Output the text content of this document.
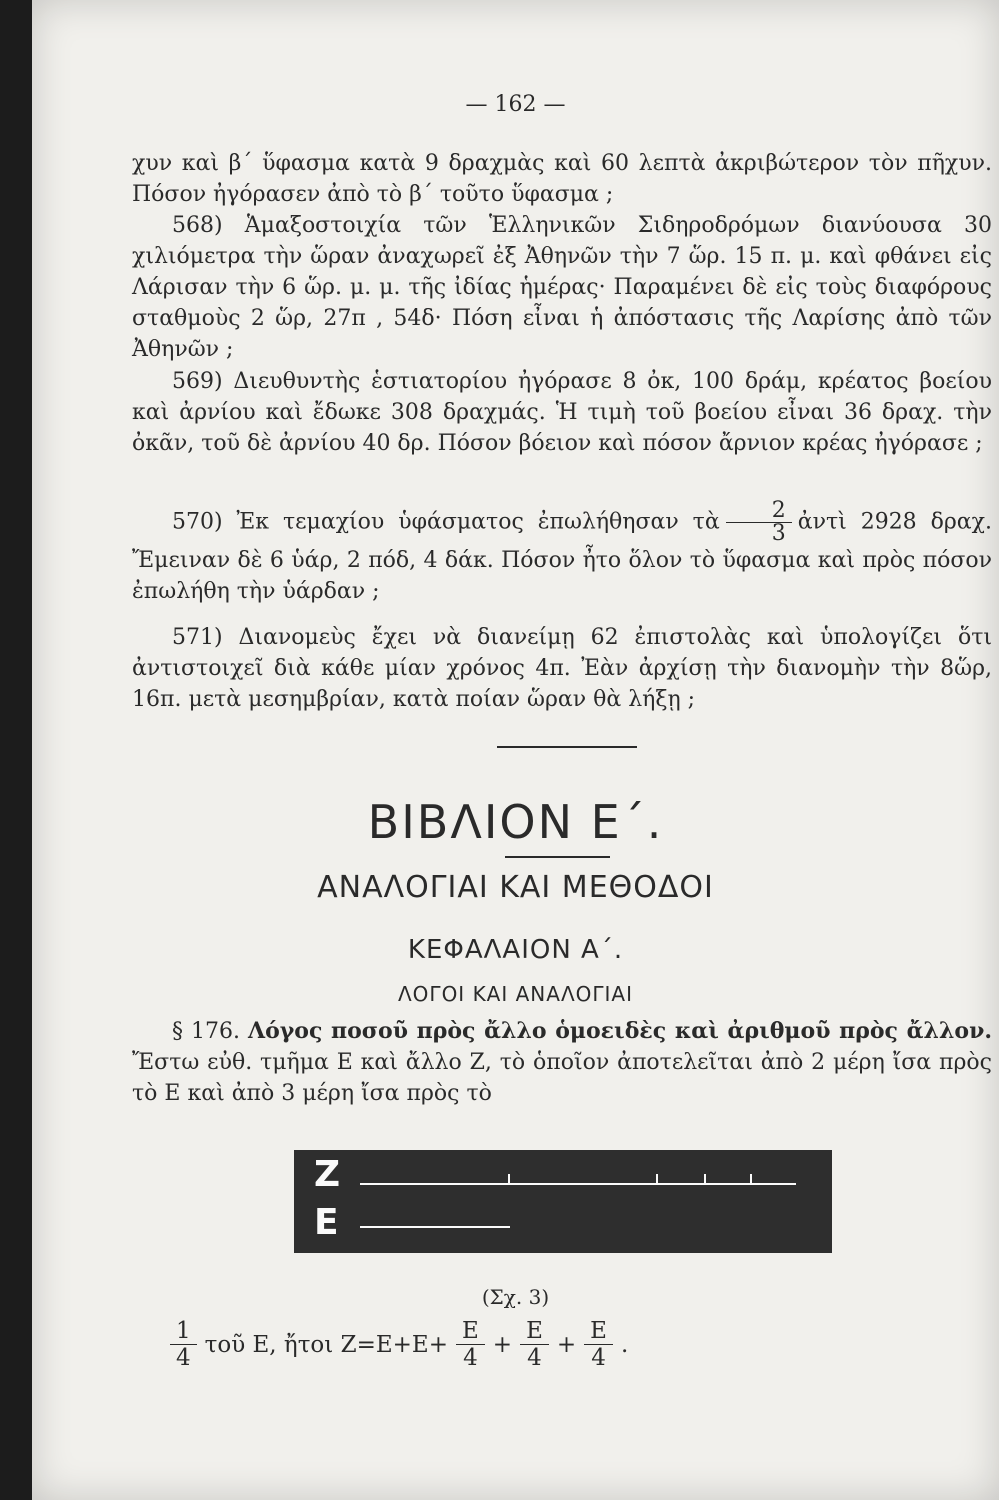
— 162 —
χυν καὶ β΄ ὕφασμα κατὰ 9 δραχμὰς καὶ 60 λεπτὰ ἀκριβώτερον τὸν πῆχυν. Πόσον ἠγόρασεν ἀπὸ τὸ β΄ τοῦτο ὕφασμα ;
568) Ἁμαξοστοιχία τῶν Ἑλληνικῶν Σιδηροδρόμων διανύουσα 30 χιλιόμετρα τὴν ὥραν ἀναχωρεῖ ἐξ Ἀθηνῶν τὴν 7 ὥρ. 15 π. μ. καὶ φθάνει εἰς Λάρισαν τὴν 6 ὥρ. μ. μ. τῆς ἰδίας ἡμέρας· Παραμένει δὲ εἰς τοὺς διαφόρους σταθμοὺς 2 ὥρ, 27π , 54δ· Πόση εἶναι ἡ ἀπόστασις τῆς Λαρίσης ἀπὸ τῶν Ἀθηνῶν ;
569) Διευθυντὴς ἑστιατορίου ἠγόρασε 8 ὀκ, 100 δράμ, κρέατος βοείου καὶ ἀρνίου καὶ ἔδωκε 308 δραχμάς. Ἡ τιμὴ τοῦ βοείου εἶναι 36 δραχ. τὴν ὀκᾶν, τοῦ δὲ ἀρνίου 40 δρ. Πόσον βόειον καὶ πόσον ἄρνιον κρέας ἠγόρασε ;
570) Ἐκ τεμαχίου ὑφάσματος ἐπωλήθησαν τὰ $\frac{2}{3}$ ἀντὶ 2928 δραχ. Ἔμειναν δὲ 6 ὑάρ, 2 πόδ, 4 δάκ. Πόσον ἦτο ὅλον τὸ ὕφασμα καὶ πρὸς πόσον ἐπωλήθη τὴν ὑάρδαν ;
571) Διανομεὺς ἔχει νὰ διανείμῃ 62 ἐπιστολὰς καὶ ὑπολογίζει ὅτι ἀντιστοιχεῖ διὰ κάθε μίαν χρόνος 4π. Ἐὰν ἀρχίσῃ τὴν διανομὴν τὴν 8ὥρ, 16π. μετὰ μεσημβρίαν, κατὰ ποίαν ὥραν θὰ λήξῃ ;
ΒΙΒΛΙΟΝ Ε΄.
ΑΝΑΛΟΓΙΑΙ ΚΑΙ ΜΕΘΟΔΟΙ
ΚΕΦΑΛΑΙΟΝ Α΄.
ΛΟΓΟΙ ΚΑΙ ΑΝΑΛΟΓΙΑΙ
§ 176. Λόγος ποσοῦ πρὸς ἄλλο ὁμοειδὲς καὶ ἀριθμοῦ πρὸς ἄλλον. Ἔστω εὐθ. τμῆμα Ε καὶ ἄλλο Ζ, τὸ ὁποῖον ἀποτελεῖται ἀπὸ 2 μέρη ἴσα πρὸς τὸ Ε καὶ ἀπὸ 3 μέρη ἴσα πρὸς τὸ
Z
E
(Σχ. 3)
$\frac{1}{4}$ τοῦ Ε, ἤτοι $Z=E+E+ \frac{E}{4} + \frac{E}{4} + \frac{E}{4}$ .
